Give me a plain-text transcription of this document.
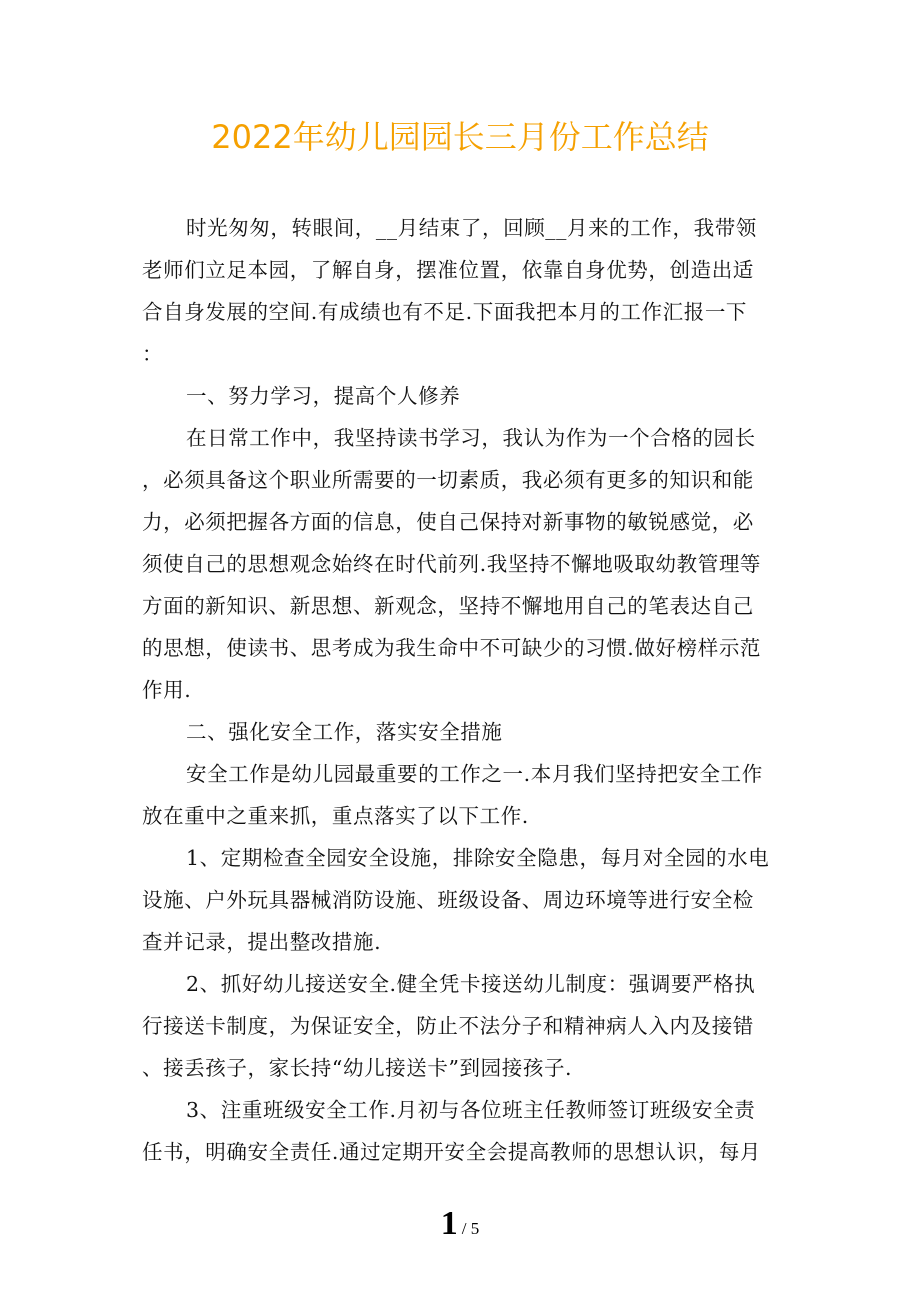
2022年幼儿园园长三月份工作总结
时光匆匆，转眼间，__月结束了，回顾__月来的工作，我带领
老师们立足本园，了解自身，摆准位置，依靠自身优势，创造出适
合自身发展的空间.有成绩也有不足.下面我把本月的工作汇报一下
：
一、努力学习，提高个人修养
在日常工作中，我坚持读书学习，我认为作为一个合格的园长
，必须具备这个职业所需要的一切素质，我必须有更多的知识和能
力，必须把握各方面的信息，使自己保持对新事物的敏锐感觉，必
须使自己的思想观念始终在时代前列.我坚持不懈地吸取幼教管理等
方面的新知识、新思想、新观念，坚持不懈地用自己的笔表达自己
的思想，使读书、思考成为我生命中不可缺少的习惯.做好榜样示范
作用.
二、强化安全工作，落实安全措施
安全工作是幼儿园最重要的工作之一.本月我们坚持把安全工作
放在重中之重来抓，重点落实了以下工作.
1、定期检查全园安全设施，排除安全隐患，每月对全园的水电
设施、户外玩具器械消防设施、班级设备、周边环境等进行安全检
查并记录，提出整改措施.
2、抓好幼儿接送安全.健全凭卡接送幼儿制度：强调要严格执
行接送卡制度，为保证安全，防止不法分子和精神病人入内及接错
、接丢孩子，家长持“幼儿接送卡”到园接孩子.
3、注重班级安全工作.月初与各位班主任教师签订班级安全责
任书，明确安全责任.通过定期开安全会提高教师的思想认识，每月
1 / 5
